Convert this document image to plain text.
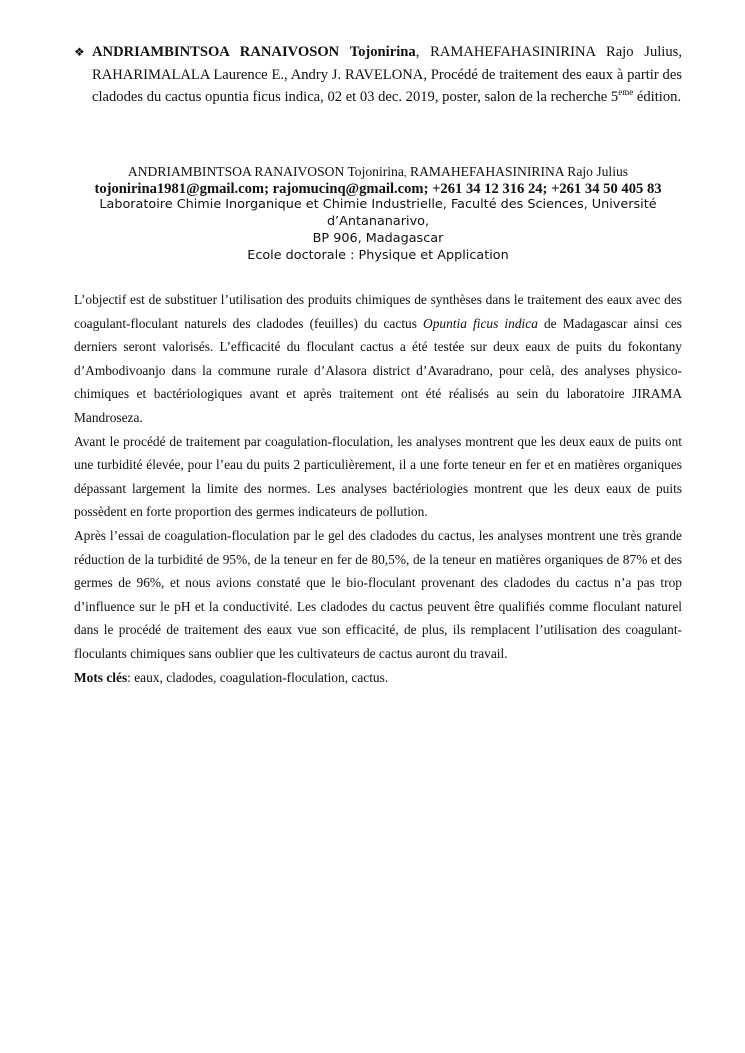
❖ ANDRIAMBINTSOA RANAIVOSON Tojonirina, RAMAHEFAHASINIRINA Rajo Julius, RAHARIMALALA Laurence E., Andry J. RAVELONA, Procédé de traitement des eaux à partir des cladodes du cactus opuntia ficus indica, 02 et 03 dec. 2019, poster, salon de la recherche 5eme édition.
ANDRIAMBINTSOA RANAIVOSON Tojonirina, RAMAHEFAHASINIRINA Rajo Julius
tojonirina1981@gmail.com; rajomucinq@gmail.com; +261 34 12 316 24; +261 34 50 405 83
Laboratoire Chimie Inorganique et Chimie Industrielle, Faculté des Sciences, Université
d’Antananarivo,
BP 906, Madagascar
Ecole doctorale : Physique et Application

L’objectif est de substituer l’utilisation des produits chimiques de synthèses dans le traitement des eaux avec des coagulant-floculant naturels des cladodes (feuilles) du cactus Opuntia ficus indica de Madagascar ainsi ces derniers seront valorisés. L’efficacité du floculant cactus a été testée sur deux eaux de puits du fokontany d’Ambodivoanjo dans la commune rurale d’Alasora district d’Avaradrano, pour celà, des analyses physico-chimiques et bactériologiques avant et après traitement ont été réalisés au sein du laboratoire JIRAMA Mandroseza.

Avant le procédé de traitement par coagulation-floculation, les analyses montrent que les deux eaux de puits ont une turbidité élevée, pour l’eau du puits 2 particulièrement, il a une forte teneur en fer et en matières organiques dépassant largement la limite des normes. Les analyses bactériologies montrent que les deux eaux de puits possèdent en forte proportion des germes indicateurs de pollution.

Après l’essai de coagulation-floculation par le gel des cladodes du cactus, les analyses montrent une très grande réduction de la turbidité de 95%, de la teneur en fer de 80,5%, de la teneur en matières organiques de 87% et des germes de 96%, et nous avions constaté que le bio-floculant provenant des cladodes du cactus n’a pas trop d’influence sur le pH et la conductivité. Les cladodes du cactus peuvent être qualifiés comme floculant naturel dans le procédé de traitement des eaux vue son efficacité, de plus, ils remplacent l’utilisation des coagulant-floculants chimiques sans oublier que les cultivateurs de cactus auront du travail.

Mots clés: eaux, cladodes, coagulation-floculation, cactus.
